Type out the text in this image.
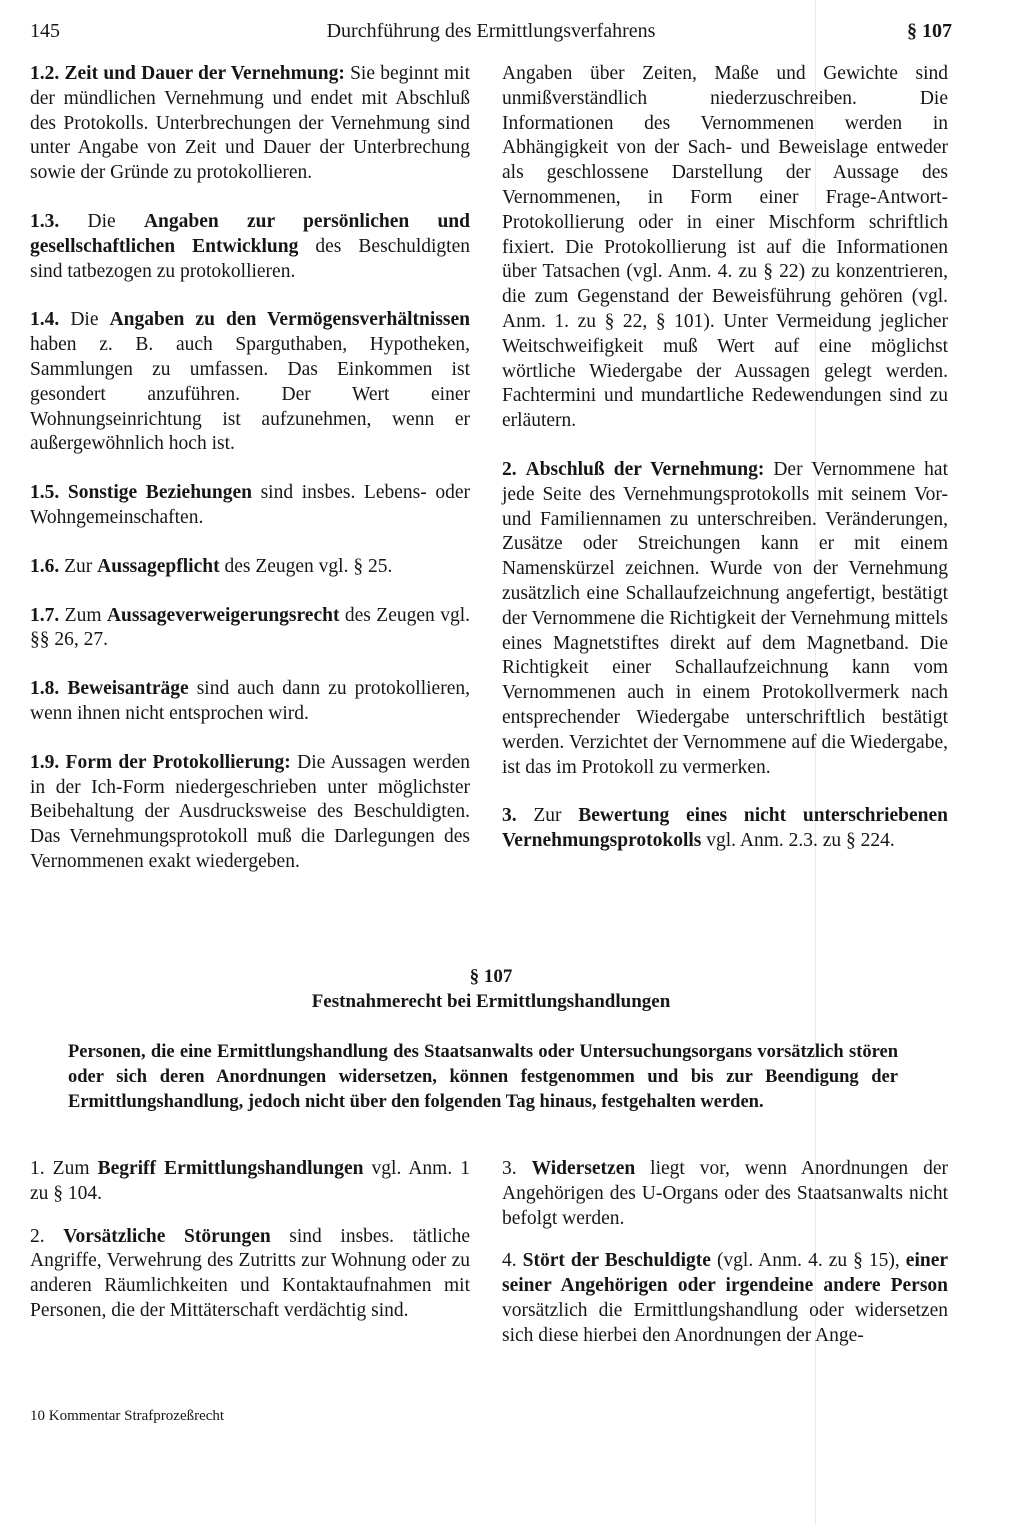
145	Durchführung des Ermittlungsverfahrens	§ 107

1.2. Zeit und Dauer der Vernehmung: Sie beginnt mit der mündlichen Vernehmung und endet mit Abschluß des Protokolls. Unterbrechungen der Vernehmung sind unter Angabe von Zeit und Dauer der Unterbrechung sowie der Gründe zu protokollieren.

1.3. Die Angaben zur persönlichen und gesellschaftlichen Entwicklung des Beschuldigten sind tatbezogen zu protokollieren.

1.4. Die Angaben zu den Vermögensverhältnissen haben z. B. auch Sparguthaben, Hypotheken, Sammlungen zu umfassen. Das Einkommen ist gesondert anzuführen. Der Wert einer Wohnungseinrichtung ist aufzunehmen, wenn er außergewöhnlich hoch ist.

1.5. Sonstige Beziehungen sind insbes. Lebens- oder Wohngemeinschaften.

1.6. Zur Aussagepflicht des Zeugen vgl. § 25.

1.7. Zum Aussageverweigerungsrecht des Zeugen vgl. §§ 26, 27.

1.8. Beweisanträge sind auch dann zu protokollieren, wenn ihnen nicht entsprochen wird.

1.9. Form der Protokollierung: Die Aussagen werden in der Ich-Form niedergeschrieben unter möglichster Beibehaltung der Ausdrucksweise des Beschuldigten. Das Vernehmungsprotokoll muß die Darlegungen des Vernommenen exakt wiedergeben.

Angaben über Zeiten, Maße und Gewichte sind unmißverständlich niederzuschreiben. Die Informationen des Vernommenen werden in Abhängigkeit von der Sach- und Beweislage entweder als geschlossene Darstellung der Aussage des Vernommenen, in Form einer Frage-Antwort-Protokollierung oder in einer Mischform schriftlich fixiert. Die Protokollierung ist auf die Informationen über Tatsachen (vgl. Anm. 4. zu § 22) zu konzentrieren, die zum Gegenstand der Beweisführung gehören (vgl. Anm. 1. zu § 22, § 101). Unter Vermeidung jeglicher Weitschweifigkeit muß Wert auf eine möglichst wörtliche Wiedergabe der Aussagen gelegt werden. Fachtermini und mundartliche Redewendungen sind zu erläutern.

2. Abschluß der Vernehmung: Der Vernommene hat jede Seite des Vernehmungsprotokolls mit seinem Vor- und Familiennamen zu unterschreiben. Veränderungen, Zusätze oder Streichungen kann er mit einem Namenskürzel zeichnen. Wurde von der Vernehmung zusätzlich eine Schallaufzeichnung angefertigt, bestätigt der Vernommene die Richtigkeit der Vernehmung mittels eines Magnetstiftes direkt auf dem Magnetband. Die Richtigkeit einer Schallaufzeichnung kann vom Vernommenen auch in einem Protokollvermerk nach entsprechender Wiedergabe unterschriftlich bestätigt werden. Verzichtet der Vernommene auf die Wiedergabe, ist das im Protokoll zu vermerken.

3. Zur Bewertung eines nicht unterschriebenen Vernehmungsprotokolls vgl. Anm. 2.3. zu § 224.

§ 107
Festnahmerecht bei Ermittlungshandlungen
Personen, die eine Ermittlungshandlung des Staatsanwalts oder Untersuchungsorgans vorsätzlich stören oder sich deren Anordnungen widersetzen, können festgenommen und bis zur Beendigung der Ermittlungshandlung, jedoch nicht über den folgenden Tag hinaus, festgehalten werden.

1. Zum Begriff Ermittlungshandlungen vgl. Anm. 1 zu § 104.

2. Vorsätzliche Störungen sind insbes. tätliche Angriffe, Verwehrung des Zutritts zur Wohnung oder zu anderen Räumlichkeiten und Kontaktaufnahmen mit Personen, die der Mittäterschaft verdächtig sind.

3. Widersetzen liegt vor, wenn Anordnungen der Angehörigen des U-Organs oder des Staatsanwalts nicht befolgt werden.

4. Stört der Beschuldigte (vgl. Anm. 4. zu § 15), einer seiner Angehörigen oder irgendeine andere Person vorsätzlich die Ermittlungshandlung oder widersetzen sich diese hierbei den Anordnungen der Ange-

10 Kommentar Strafprozeßrecht
